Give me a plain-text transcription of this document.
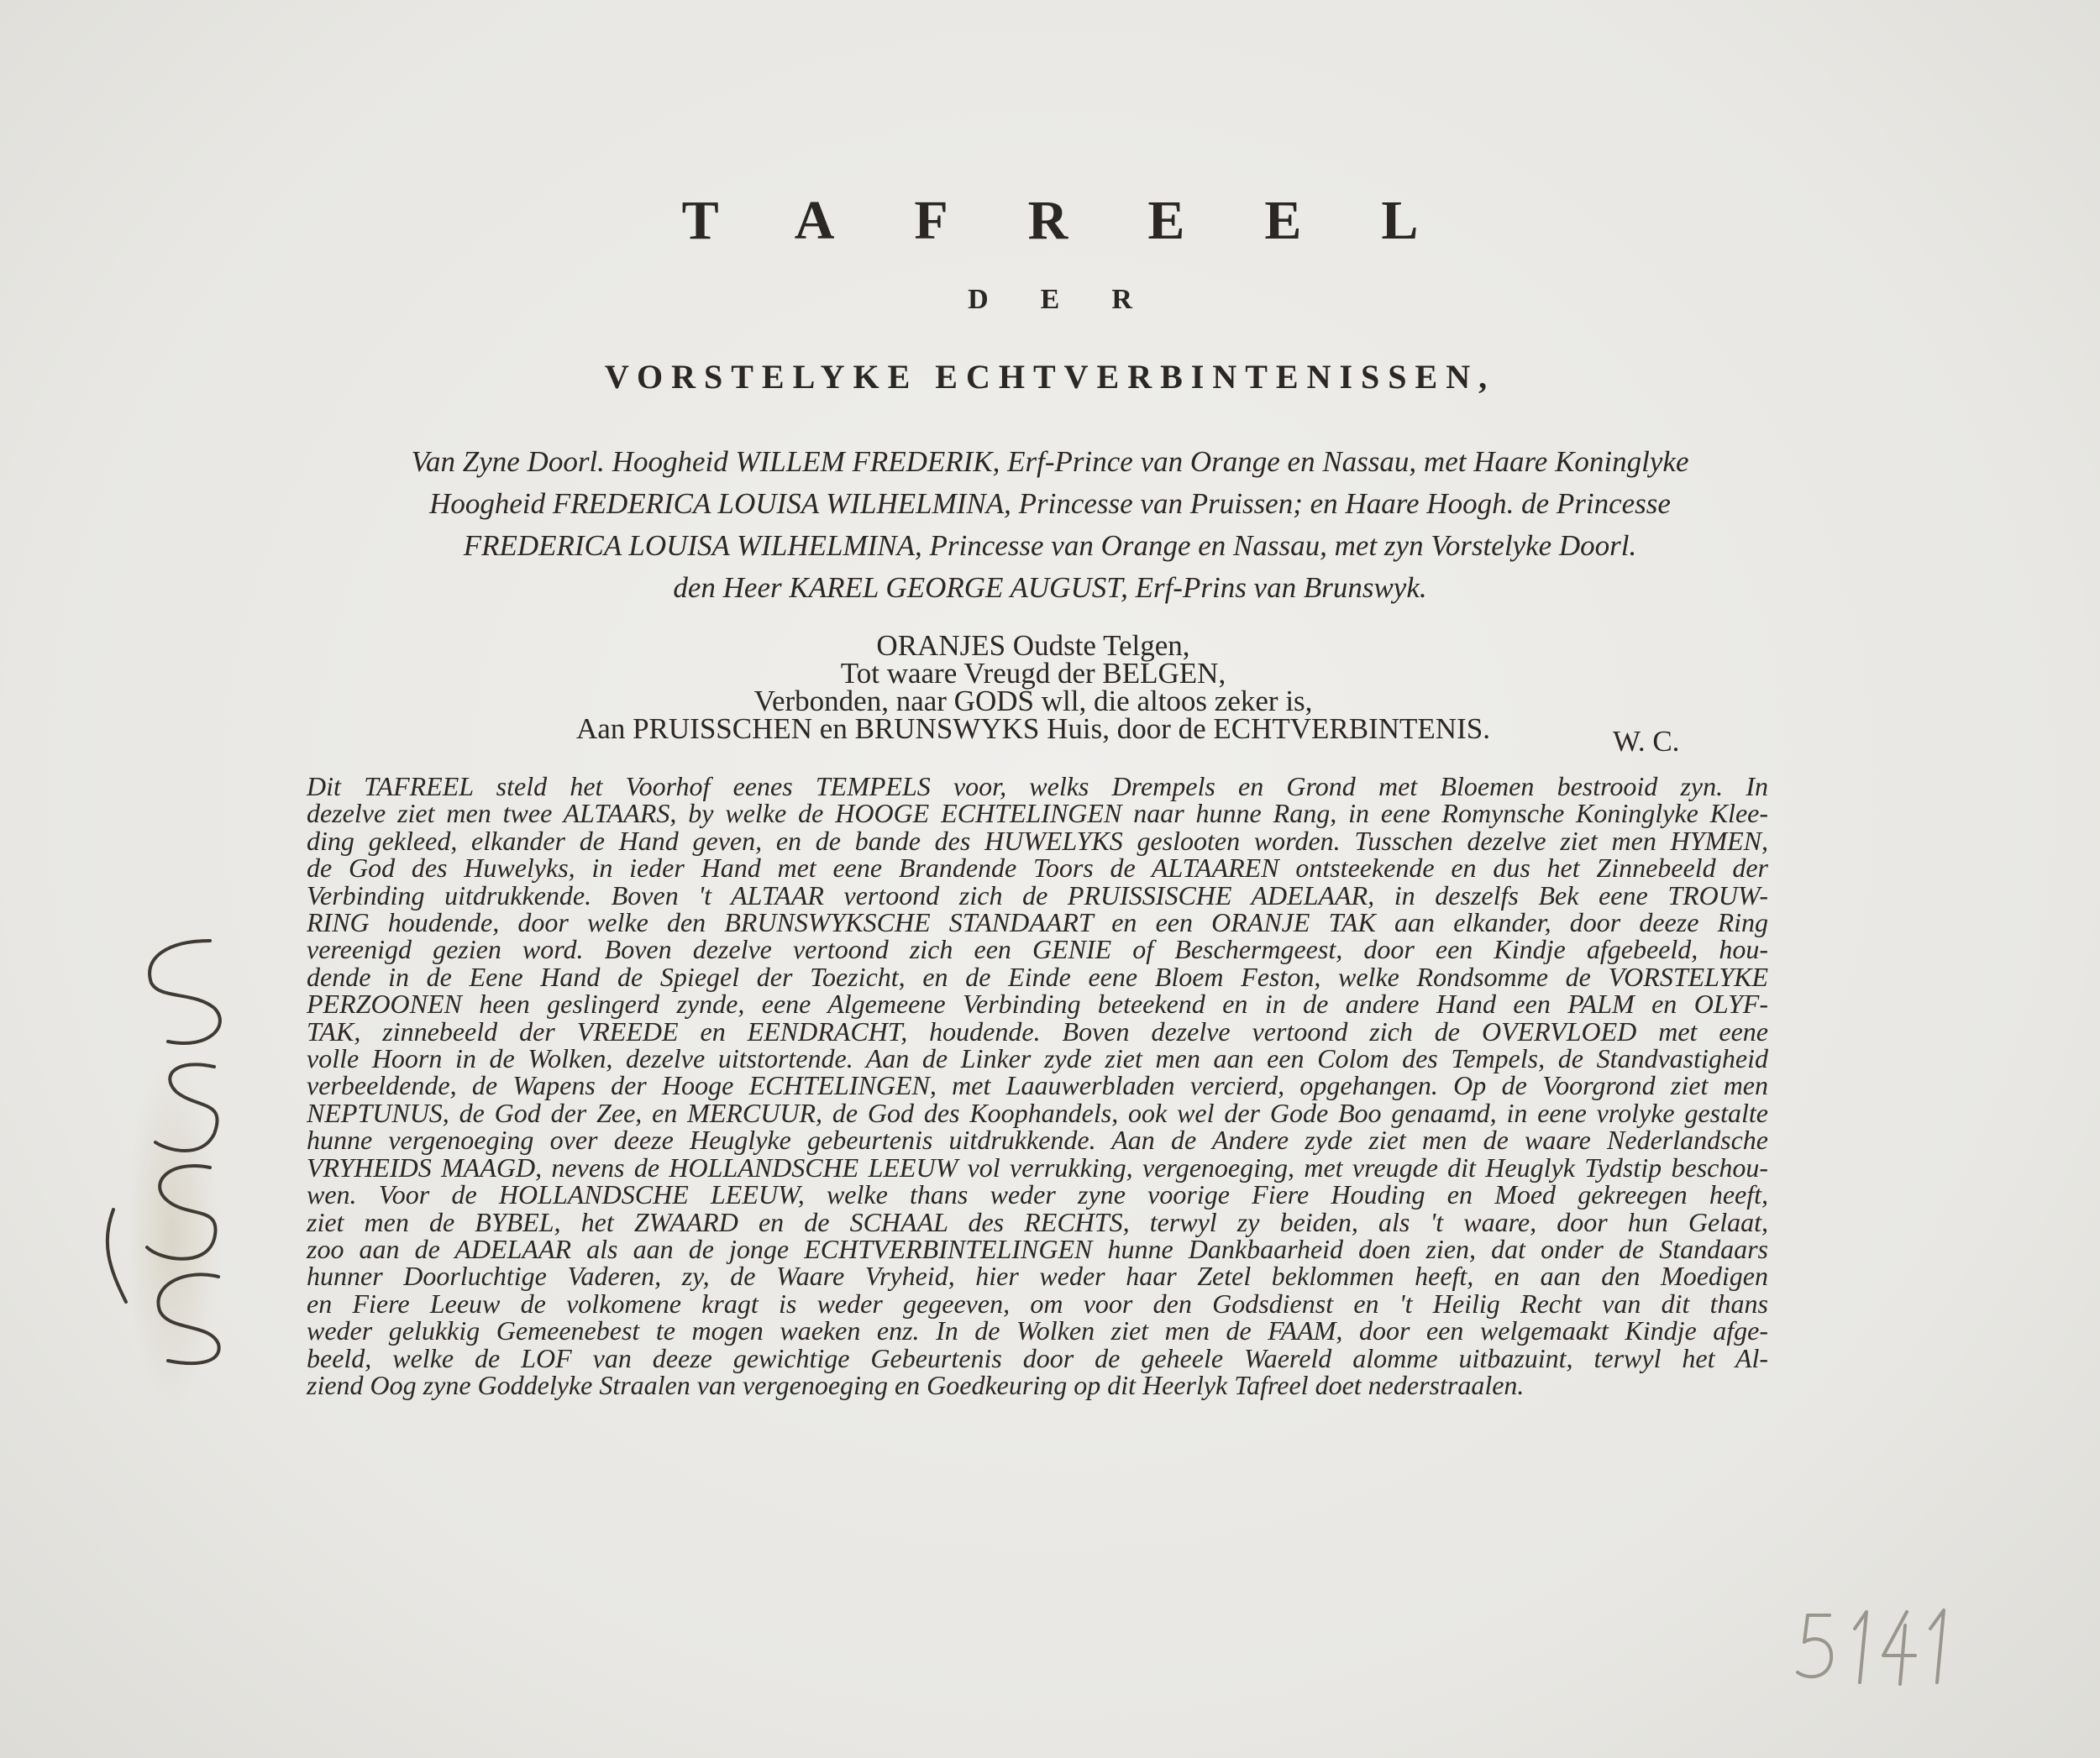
TAFREEL
DER
VORSTELYKE ECHTVERBINTENISSEN,
Van Zyne Doorl. Hoogheid WILLEM FREDERIK, Erf-Prince van Orange en Nassau, met Haare Koninglyke
Hoogheid FREDERICA LOUISA WILHELMINA, Princesse van Pruissen; en Haare Hoogh. de Princesse
FREDERICA LOUISA WILHELMINA, Princesse van Orange en Nassau, met zyn Vorstelyke Doorl.
den Heer KAREL GEORGE AUGUST, Erf-Prins van Brunswyk.
ORANJES Oudste Telgen,
Tot waare Vreugd der BELGEN,
Verbonden, naar GODS wll, die altoos zeker is,
Aan PRUISSCHEN en BRUNSWYKS Huis, door de ECHTVERBINTENIS.	W. C.
Dit TAFREEL steld het Voorhof eenes TEMPELS voor, welks Drempels en Grond met Bloemen bestrooid zyn. In
dezelve ziet men twee ALTAARS, by welke de HOOGE ECHTELINGEN naar hunne Rang, in eene Romynsche Koninglyke Klee-
ding gekleed, elkander de Hand geven, en de bande des HUWELYKS geslooten worden. Tusschen dezelve ziet men HYMEN,
de God des Huwelyks, in ieder Hand met eene Brandende Toors de ALTAAREN ontsteekende en dus het Zinnebeeld der
Verbinding uitdrukkende. Boven 't ALTAAR vertoond zich de PRUISSISCHE ADELAAR, in deszelfs Bek eene TROUW-
RING houdende, door welke den BRUNSWYKSCHE STANDAART en een ORANJE TAK aan elkander, door deeze Ring
vereenigd gezien word. Boven dezelve vertoond zich een GENIE of Beschermgeest, door een Kindje afgebeeld, hou-
dende in de Eene Hand de Spiegel der Toezicht, en de Einde eene Bloem Feston, welke Rondsomme de VORSTELYKE
PERZOONEN heen geslingerd zynde, eene Algemeene Verbinding beteekend en in de andere Hand een PALM en OLYF-
TAK, zinnebeeld der VREEDE en EENDRACHT, houdende. Boven dezelve vertoond zich de OVERVLOED met eene
volle Hoorn in de Wolken, dezelve uitstortende. Aan de Linker zyde ziet men aan een Colom des Tempels, de Standvastigheid
verbeeldende, de Wapens der Hooge ECHTELINGEN, met Laauwerbladen vercierd, opgehangen. Op de Voorgrond ziet men
NEPTUNUS, de God der Zee, en MERCUUR, de God des Koophandels, ook wel der Gode Boo genaamd, in eene vrolyke gestalte
hunne vergenoeging over deeze Heuglyke gebeurtenis uitdrukkende. Aan de Andere zyde ziet men de waare Nederlandsche
VRYHEIDS MAAGD, nevens de HOLLANDSCHE LEEUW vol verrukking, vergenoeging, met vreugde dit Heuglyk Tydstip beschou-
wen. Voor de HOLLANDSCHE LEEUW, welke thans weder zyne voorige Fiere Houding en Moed gekreegen heeft,
ziet men de BYBEL, het ZWAARD en de SCHAAL des RECHTS, terwyl zy beiden, als 't waare, door hun Gelaat,
zoo aan de ADELAAR als aan de jonge ECHTVERBINTELINGEN hunne Dankbaarheid doen zien, dat onder de Standaars
hunner Doorluchtige Vaderen, zy, de Waare Vryheid, hier weder haar Zetel beklommen heeft, en aan den Moedigen
en Fiere Leeuw de volkomene kragt is weder gegeeven, om voor den Godsdienst en 't Heilig Recht van dit thans
weder gelukkig Gemeenebest te mogen waeken enz. In de Wolken ziet men de FAAM, door een welgemaakt Kindje afge-
beeld, welke de LOF van deeze gewichtige Gebeurtenis door de geheele Waereld alomme uitbazuint, terwyl het Al-
ziend Oog zyne Goddelyke Straalen van vergenoeging en Goedkeuring op dit Heerlyk Tafreel doet nederstraalen.
